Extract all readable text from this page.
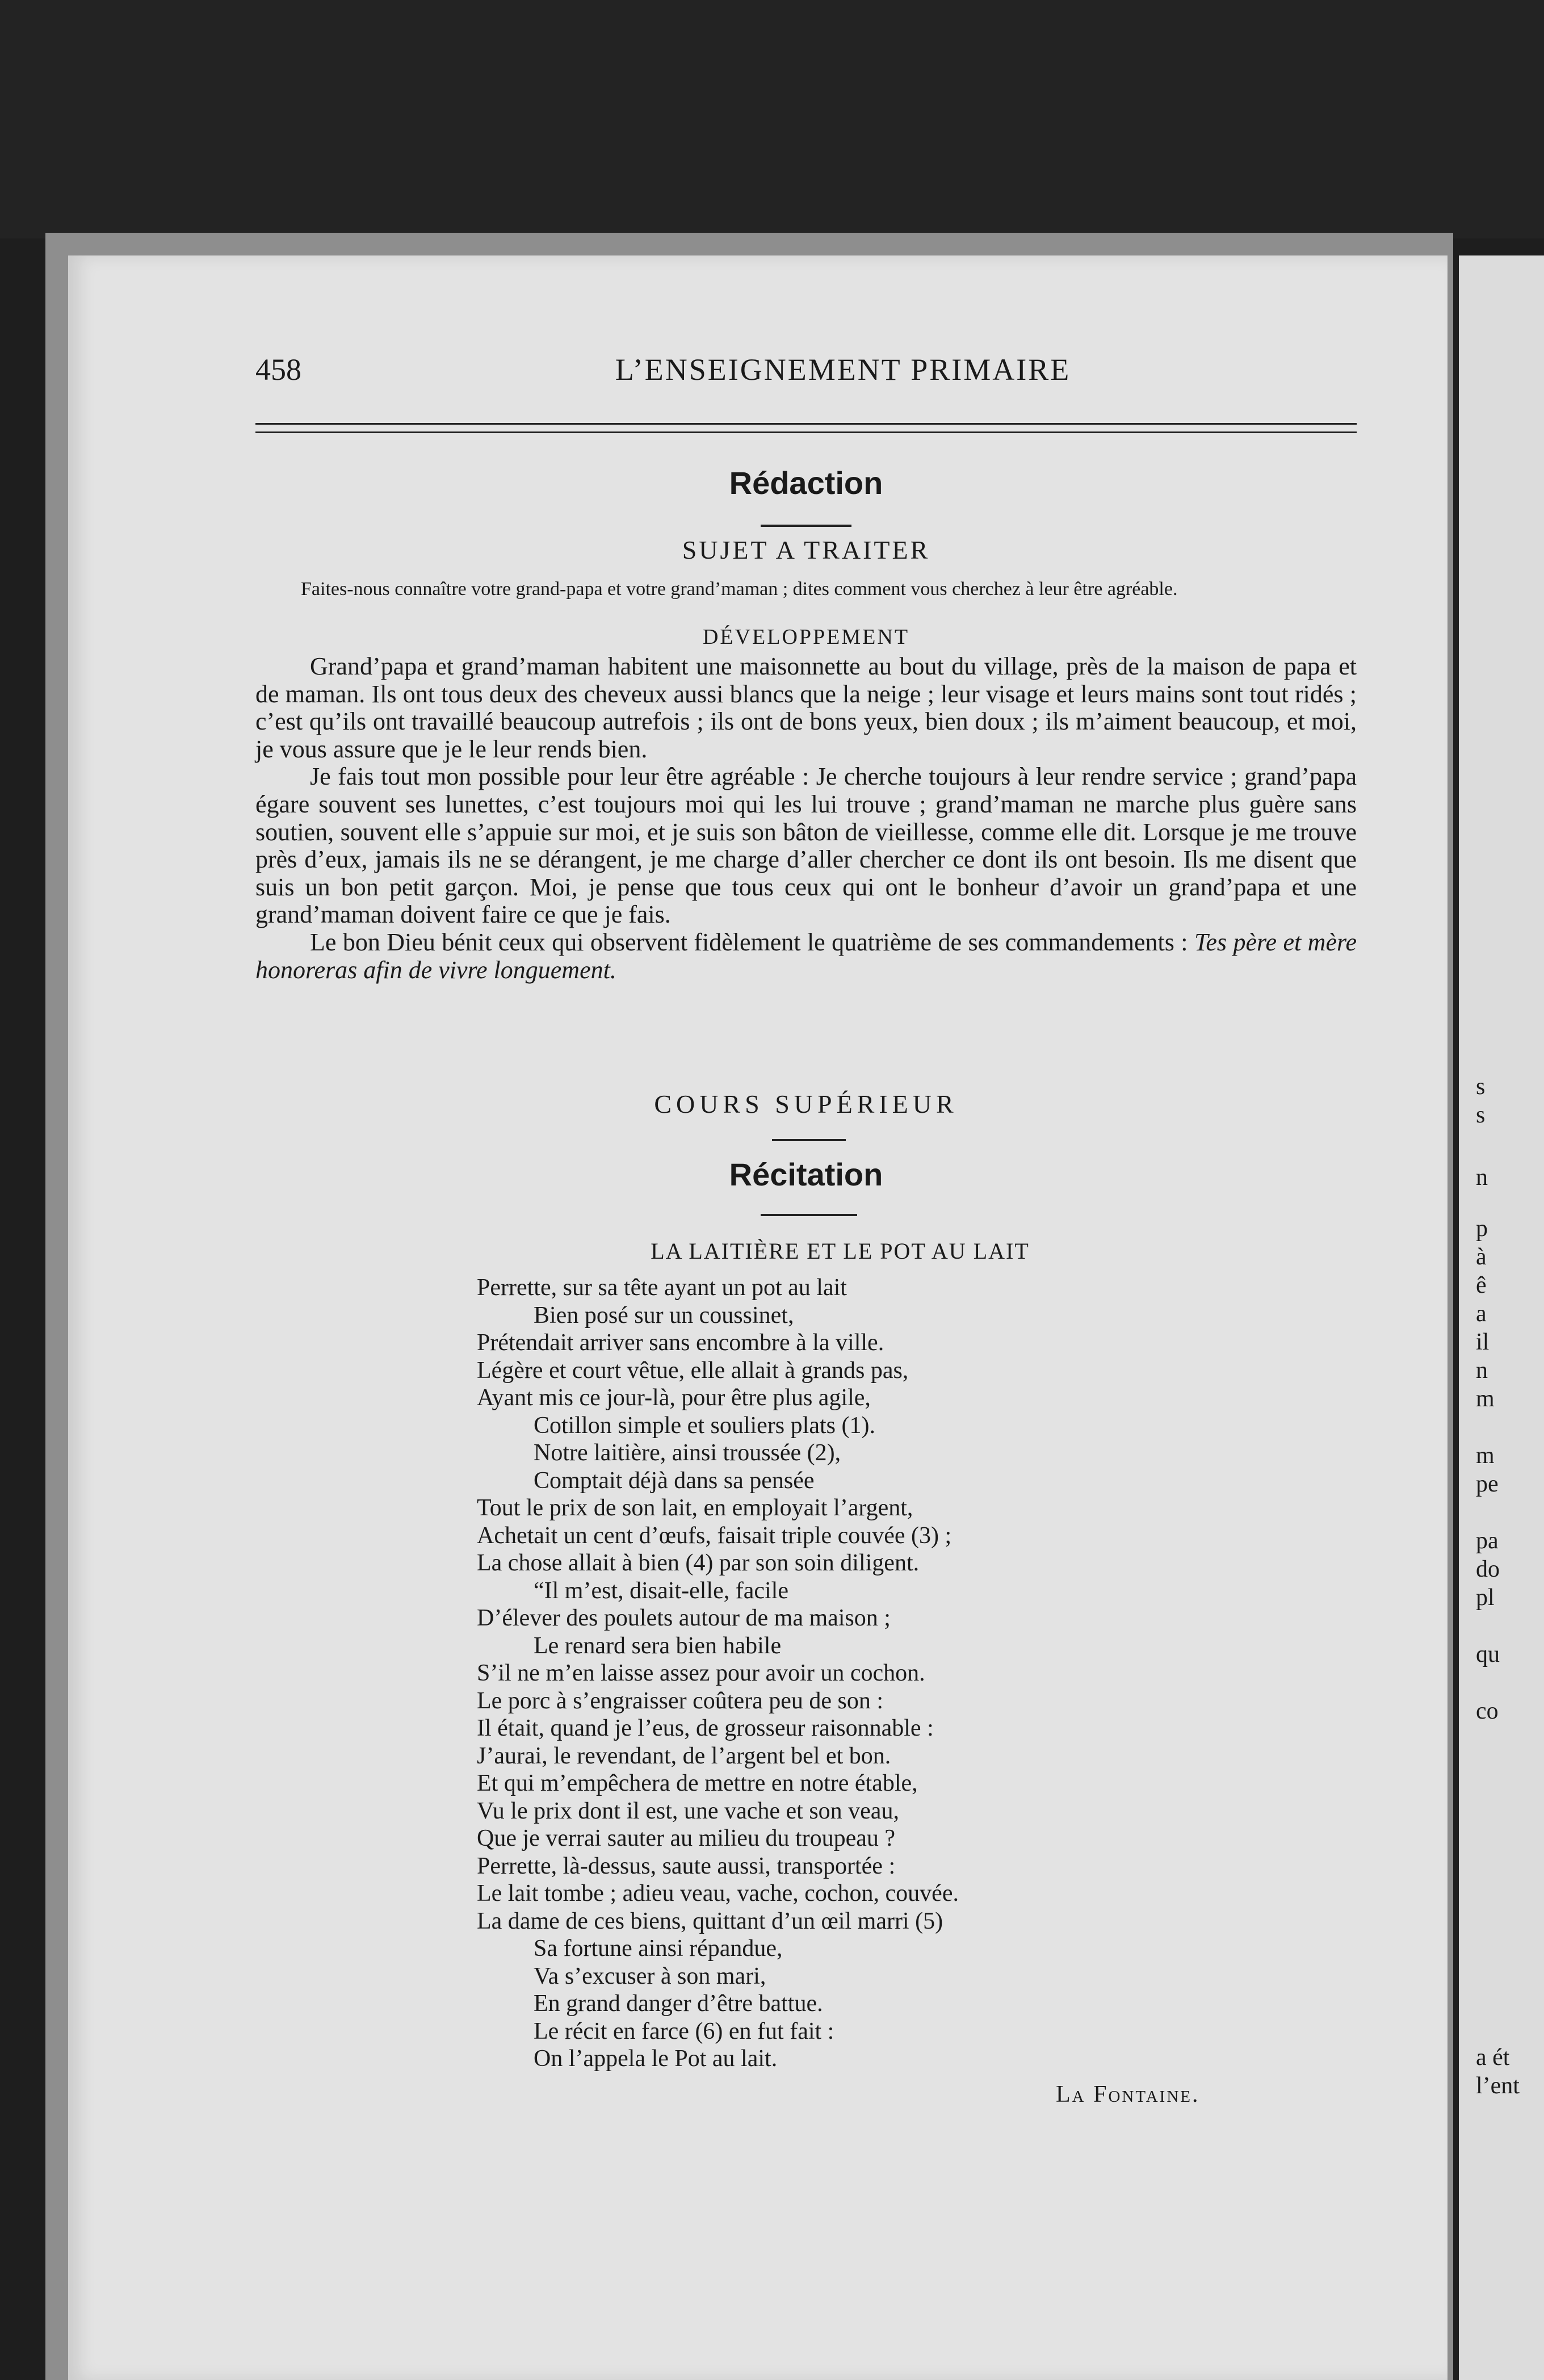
s
s
n
p
à
ê
a
il
n
m
m
pe
pa
do
pl
qu
co
a ét
l’ent
458	L’ENSEIGNEMENT PRIMAIRE
Rédaction
SUJET A TRAITER
Faites-nous connaître votre grand-papa et votre grand’maman ; dites comment vous cherchez à leur être agréable.
DÉVELOPPEMENT

Grand’papa et grand’maman habitent une maisonnette au bout du village, près de la maison de papa et de maman. Ils ont tous deux des cheveux aussi blancs que la neige ; leur visage et leurs mains sont tout ridés ; c’est qu’ils ont travaillé beaucoup autrefois ; ils ont de bons yeux, bien doux ; ils m’aiment beaucoup, et moi, je vous assure que je le leur rends bien.

Je fais tout mon possible pour leur être agréable : Je cherche toujours à leur rendre service ; grand’papa égare souvent ses lunettes, c’est toujours moi qui les lui trouve ; grand’maman ne marche plus guère sans soutien, souvent elle s’appuie sur moi, et je suis son bâton de vieillesse, comme elle dit. Lorsque je me trouve près d’eux, jamais ils ne se dérangent, je me charge d’aller chercher ce dont ils ont besoin. Ils me disent que suis un bon petit garçon. Moi, je pense que tous ceux qui ont le bonheur d’avoir un grand’papa et une grand’maman doivent faire ce que je fais.

Le bon Dieu bénit ceux qui observent fidèlement le quatrième de ses commandements : Tes père et mère honoreras afin de vivre longuement.

COURS SUPÉRIEUR
Récitation
LA LAITIÈRE ET LE POT AU LAIT
Perrette, sur sa tête ayant un pot au lait
Bien posé sur un coussinet,
Prétendait arriver sans encombre à la ville.
Légère et court vêtue, elle allait à grands pas,
Ayant mis ce jour-là, pour être plus agile,
Cotillon simple et souliers plats (1).
Notre laitière, ainsi troussée (2),
Comptait déjà dans sa pensée
Tout le prix de son lait, en employait l’argent,
Achetait un cent d’œufs, faisait triple couvée (3) ;
La chose allait à bien (4) par son soin diligent.
“Il m’est, disait-elle, facile
D’élever des poulets autour de ma maison ;
Le renard sera bien habile
S’il ne m’en laisse assez pour avoir un cochon.
Le porc à s’engraisser coûtera peu de son :
Il était, quand je l’eus, de grosseur raisonnable :
J’aurai, le revendant, de l’argent bel et bon.
Et qui m’empêchera de mettre en notre étable,
Vu le prix dont il est, une vache et son veau,
Que je verrai sauter au milieu du troupeau ?
Perrette, là-dessus, saute aussi, transportée :
Le lait tombe ; adieu veau, vache, cochon, couvée.
La dame de ces biens, quittant d’un œil marri (5)
Sa fortune ainsi répandue,
Va s’excuser à son mari,
En grand danger d’être battue.
Le récit en farce (6) en fut fait :
On l’appela le Pot au lait.
La Fontaine.
